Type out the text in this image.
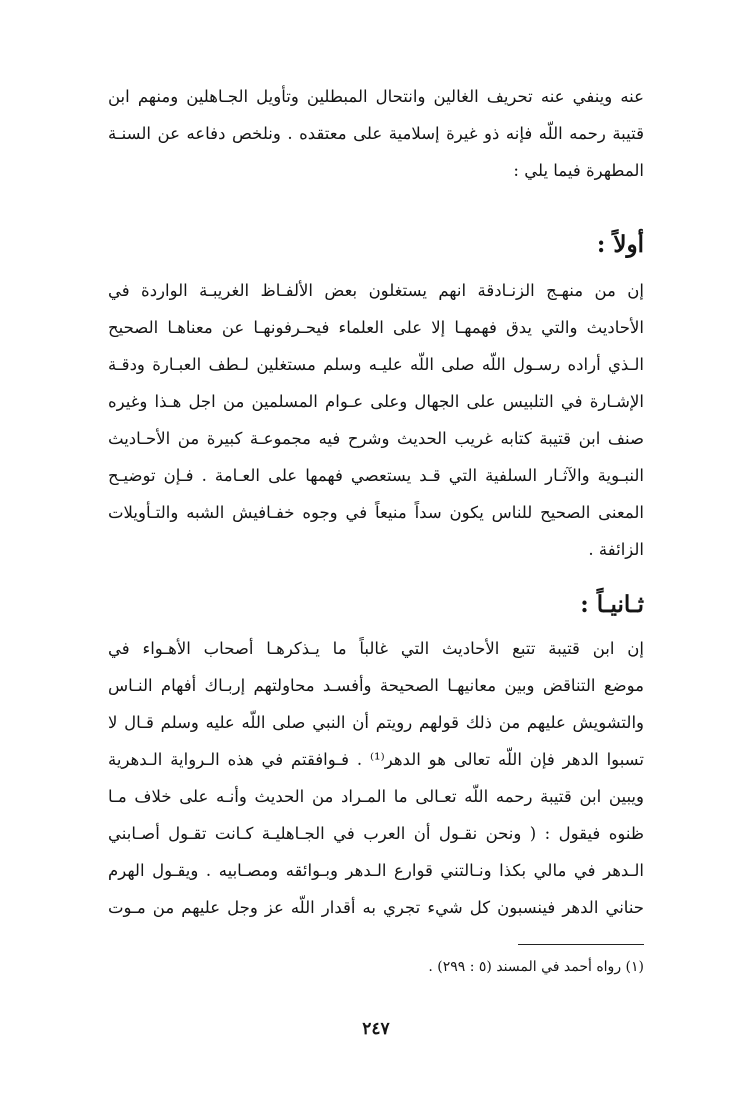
عنه وينفي عنه تحريف الغالين وانتحال المبطلين وتأويل الجـاهلين ومنهم ابن
قتيبة رحمه اللّه فإنه ذو غيرة إسلامية على معتقده . ونلخص دفاعه عن السنـة
المطهرة فيما يلي :
أولاً :
إن من منهـج الزنـادقة انهم يستغلون بعض الألفـاظ الغريبـة الواردة في
الأحاديث والتي يدق فهمهـا إلا على العلماء فيحـرفونهـا عن معناهـا الصحيح
الـذي أراده رسـول اللّه صلى اللّه عليـه وسلم مستغلين لـطف العبـارة ودقـة
الإشـارة في التلبيس على الجهال وعلى عـوام المسلمين من اجل هـذا وغيره
صنف ابن قتيبة كتابه غريب الحديث وشرح فيه مجموعـة كبيرة من الأحـاديث
النبـوية والآثـار السلفية التي قـد يستعصي فهمها على العـامة . فـإن توضيـح
المعنى الصحيح للناس يكون سداً منيعاً في وجوه خفـافيش الشبه والتـأويلات
الزائفة .
ثـانيـاً :
إن ابن قتيبة تتبع الأحاديث التي غالباً ما يـذكرهـا أصحاب الأهـواء في
موضع التناقض وبين معانيهـا الصحيحة وأفسـد محاولتهم إربـاك أفهام النـاس
والتشويش عليهم من ذلك قولهم رويتم أن النبي صلى اللّه عليه وسلم قـال لا
تسبوا الدهر فإن اللّه تعالى هو الدهر⁽¹⁾ . فـوافقتم في هذه الـرواية الـدهرية
ويبين ابن قتيبة رحمه اللّه تعـالى ما المـراد من الحديث وأنـه على خلاف مـا
ظنوه فيقول : ( ونحن نقـول أن العرب في الجـاهليـة كـانت تقـول أصـابني
الـدهر في مالي بكذا ونـالتني قوارع الـدهر وبـوائقه ومصـابيه . ويقـول الهرم
حناني الدهر فينسبون كل شيء تجري به أقدار اللّه عز وجل عليهم من مـوت
(١) رواه أحمد في المسند (٥ : ٢٩٩) .
٢٤٧
